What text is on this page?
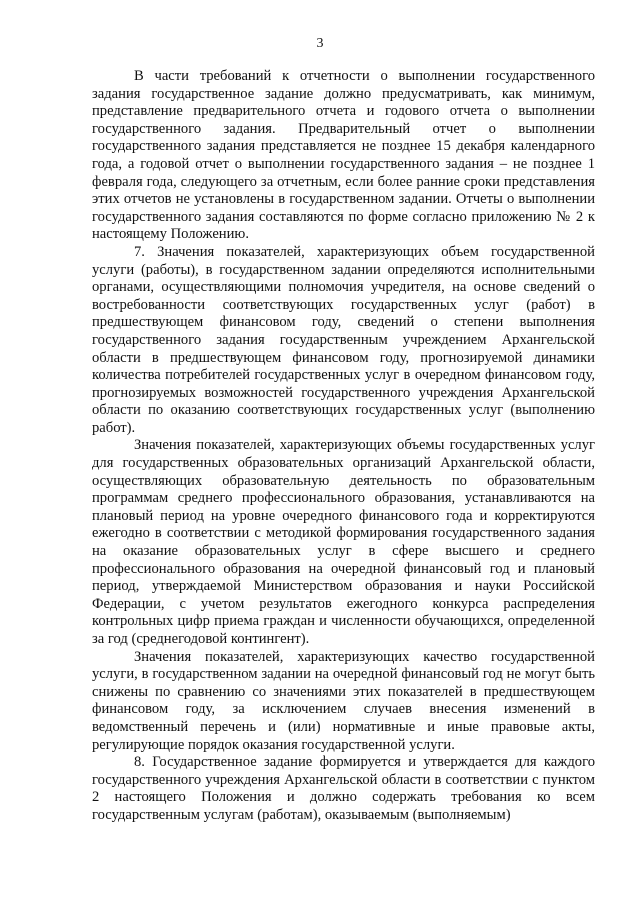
3

В части требований к отчетности о выполнении государственного задания государственное задание должно предусматривать, как минимум, представление предварительного отчета и годового отчета о выполнении государственного задания. Предварительный отчет о выполнении государственного задания представляется не позднее 15 декабря календарного года, а годовой отчет о выполнении государственного задания – не позднее 1 февраля года, следующего за отчетным, если более ранние сроки представления этих отчетов не установлены в государственном задании. Отчеты о выполнении государственного задания составляются по форме согласно приложению № 2 к настоящему Положению.

7. Значения показателей, характеризующих объем государственной услуги (работы), в государственном задании определяются исполнительными органами, осуществляющими полномочия учредителя, на основе сведений о востребованности соответствующих государственных услуг (работ) в предшествующем финансовом году, сведений о степени выполнения государственного задания государственным учреждением Архангельской области в предшествующем финансовом году, прогнозируемой динамики количества потребителей государственных услуг в очередном финансовом году, прогнозируемых возможностей государственного учреждения Архангельской области по оказанию соответствующих государственных услуг (выполнению работ).

Значения показателей, характеризующих объемы государственных услуг для государственных образовательных организаций Архангельской области, осуществляющих образовательную деятельность по образовательным программам среднего профессионального образования, устанавливаются на плановый период на уровне очередного финансового года и корректируются ежегодно в соответствии с методикой формирования государственного задания на оказание образовательных услуг в сфере высшего и среднего профессионального образования на очередной финансовый год и плановый период, утверждаемой Министерством образования и науки Российской Федерации, с учетом результатов ежегодного конкурса распределения контрольных цифр приема граждан и численности обучающихся, определенной за год (среднегодовой контингент).

Значения показателей, характеризующих качество государственной услуги, в государственном задании на очередной финансовый год не могут быть снижены по сравнению со значениями этих показателей в предшествующем финансовом году, за исключением случаев внесения изменений в ведомственный перечень и (или) нормативные и иные правовые акты, регулирующие порядок оказания государственной услуги.

8. Государственное задание формируется и утверждается для каждого государственного учреждения Архангельской области в соответствии с пунктом 2 настоящего Положения и должно содержать требования ко всем государственным услугам (работам), оказываемым (выполняемым)
